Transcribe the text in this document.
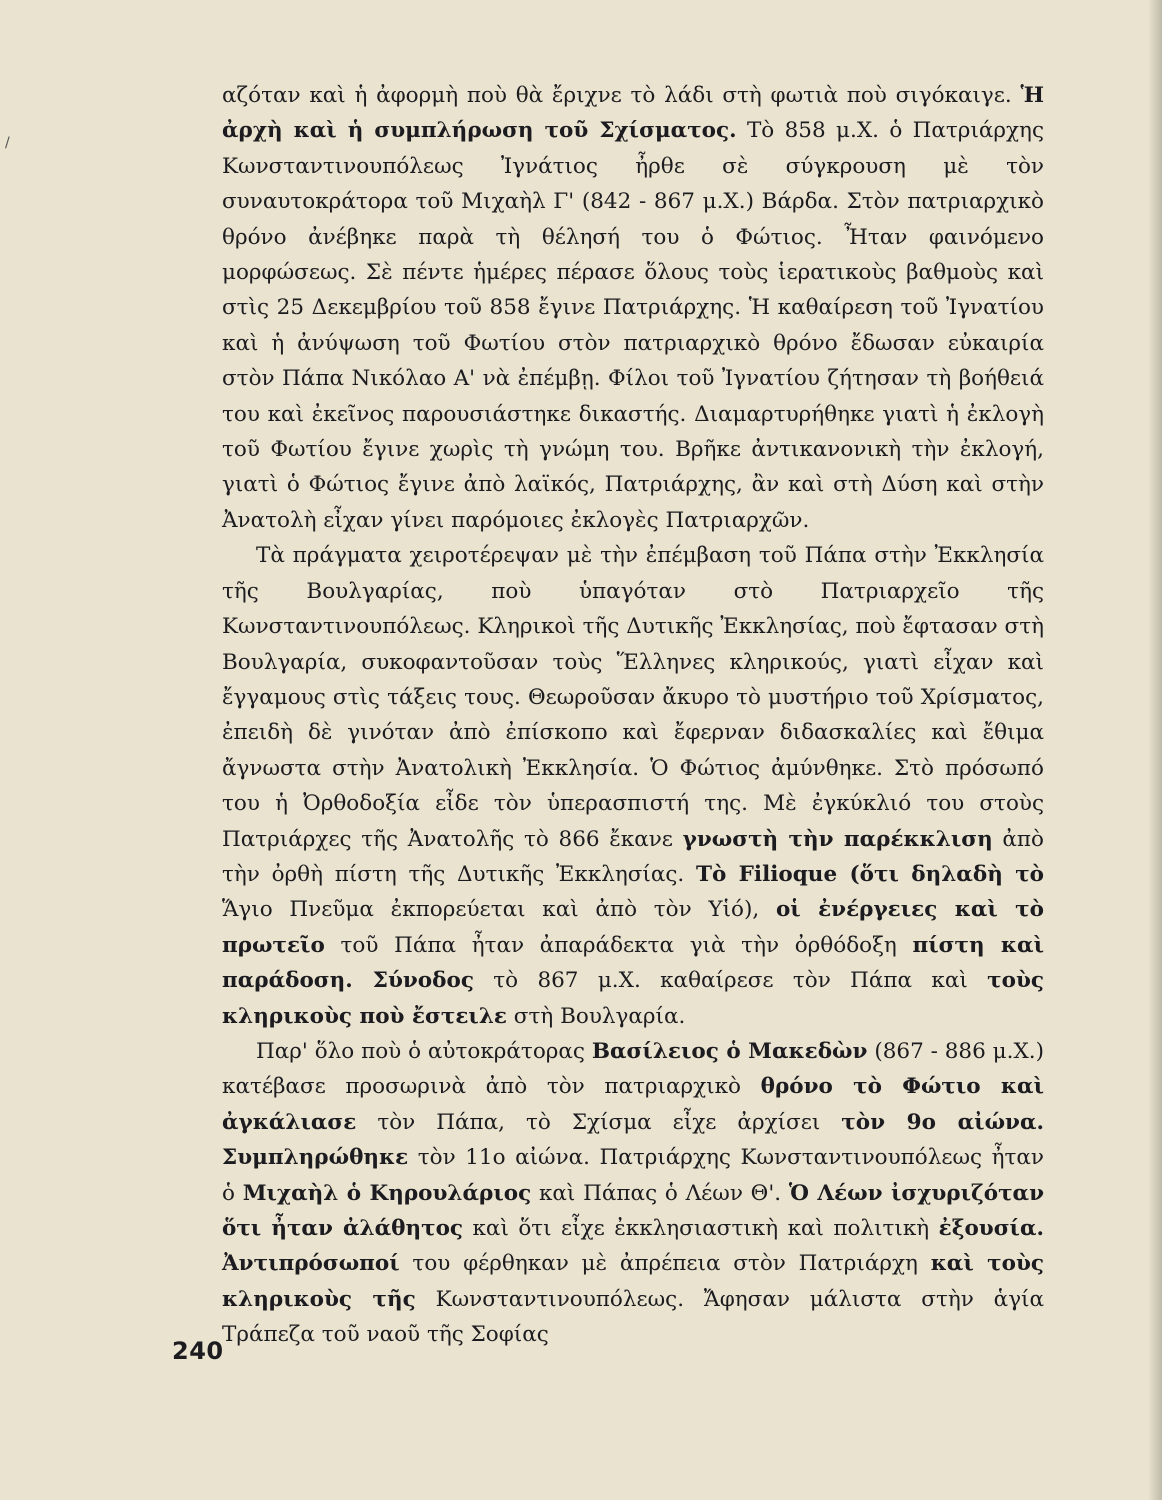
/

αζόταν καὶ ἡ ἀφορμὴ ποὺ θὰ ἔριχνε τὸ λάδι στὴ φωτιὰ ποὺ σιγόκαιγε. Ἡ ἀρχὴ καὶ ἡ συμπλήρωση τοῦ Σχίσματος. Τὸ 858 μ.Χ. ὁ Πατριάρχης Κωνσταντινουπόλεως Ἰγνάτιος ἦρθε σὲ σύγκρουση μὲ τὸν συναυτοκράτορα τοῦ Μιχαὴλ Γ' (842 - 867 μ.Χ.) Βάρδα. Στὸν πατριαρχικὸ θρόνο ἀνέβηκε παρὰ τὴ θέλησή του ὁ Φώτιος. Ἦταν φαινόμενο μορφώσεως. Σὲ πέντε ἡμέρες πέρασε ὅλους τοὺς ἱερατικοὺς βαθμοὺς καὶ στὶς 25 Δεκεμβρίου τοῦ 858 ἔγινε Πατριάρχης. Ἡ καθαίρεση τοῦ Ἰγνατίου καὶ ἡ ἀνύψωση τοῦ Φωτίου στὸν πατριαρχικὸ θρόνο ἔδωσαν εὐκαιρία στὸν Πάπα Νικόλαο Α' νὰ ἐπέμβῃ. Φίλοι τοῦ Ἰγνατίου ζήτησαν τὴ βοήθειά του καὶ ἐκεῖνος παρουσιάστηκε δικαστής. Διαμαρτυρήθηκε γιατὶ ἡ ἐκλογὴ τοῦ Φωτίου ἔγινε χωρὶς τὴ γνώμη του. Βρῆκε ἀντικανονικὴ τὴν ἐκλογή, γιατὶ ὁ Φώτιος ἔγινε ἀπὸ λαϊκός, Πατριάρχης, ἂν καὶ στὴ Δύση καὶ στὴν Ἀνατολὴ εἶχαν γίνει παρόμοιες ἐκλογὲς Πατριαρχῶν.

Τὰ πράγματα χειροτέρεψαν μὲ τὴν ἐπέμβαση τοῦ Πάπα στὴν Ἐκκλησία τῆς Βουλγαρίας, ποὺ ὑπαγόταν στὸ Πατριαρχεῖο τῆς Κωνσταντινουπόλεως. Κληρικοὶ τῆς Δυτικῆς Ἐκκλησίας, ποὺ ἔφτασαν στὴ Βουλγαρία, συκοφαντοῦσαν τοὺς Ἕλληνες κληρικούς, γιατὶ εἶχαν καὶ ἔγγαμους στὶς τάξεις τους. Θεωροῦσαν ἄκυρο τὸ μυστήριο τοῦ Χρίσματος, ἐπειδὴ δὲ γινόταν ἀπὸ ἐπίσκοπο καὶ ἔφερναν διδασκαλίες καὶ ἔθιμα ἄγνωστα στὴν Ἀνατολικὴ Ἐκκλησία. Ὁ Φώτιος ἀμύνθηκε. Στὸ πρόσωπό του ἡ Ὀρθοδοξία εἶδε τὸν ὑπερασπιστή της. Μὲ ἐγκύκλιό του στοὺς Πατριάρχες τῆς Ἀνατολῆς τὸ 866 ἔκανε γνωστὴ τὴν παρέκκλιση ἀπὸ τὴν ὀρθὴ πίστη τῆς Δυτικῆς Ἐκκλησίας. Τὸ Filioque (ὅτι δηλαδὴ τὸ Ἅγιο Πνεῦμα ἐκπορεύεται καὶ ἀπὸ τὸν Υἱό), οἱ ἐνέργειες καὶ τὸ πρωτεῖο τοῦ Πάπα ἦταν ἀπαράδεκτα γιὰ τὴν ὀρθόδοξη πίστη καὶ παράδοση. Σύνοδος τὸ 867 μ.Χ. καθαίρεσε τὸν Πάπα καὶ τοὺς κληρικοὺς ποὺ ἔστειλε στὴ Βουλγαρία.

Παρ' ὅλο ποὺ ὁ αὐτοκράτορας Βασίλειος ὁ Μακεδὼν (867 - 886 μ.Χ.) κατέβασε προσωρινὰ ἀπὸ τὸν πατριαρχικὸ θρόνο τὸ Φώτιο καὶ ἀγκάλιασε τὸν Πάπα, τὸ Σχίσμα εἶχε ἀρχίσει τὸν 9ο αἰώνα. Συμπληρώθηκε τὸν 11ο αἰώνα. Πατριάρχης Κωνσταντινουπόλεως ἦταν ὁ Μιχαὴλ ὁ Κηρουλάριος καὶ Πάπας ὁ Λέων Θ'. Ὁ Λέων ἰσχυριζόταν ὅτι ἦταν ἀλάθητος καὶ ὅτι εἶχε ἐκκλησιαστικὴ καὶ πολιτικὴ ἐξουσία. Ἀντιπρόσωποί του φέρθηκαν μὲ ἀπρέπεια στὸν Πατριάρχη καὶ τοὺς κληρικοὺς τῆς Κωνσταντινουπόλεως. Ἄφησαν μάλιστα στὴν ἁγία Τράπεζα τοῦ ναοῦ τῆς Σοφίας

240
